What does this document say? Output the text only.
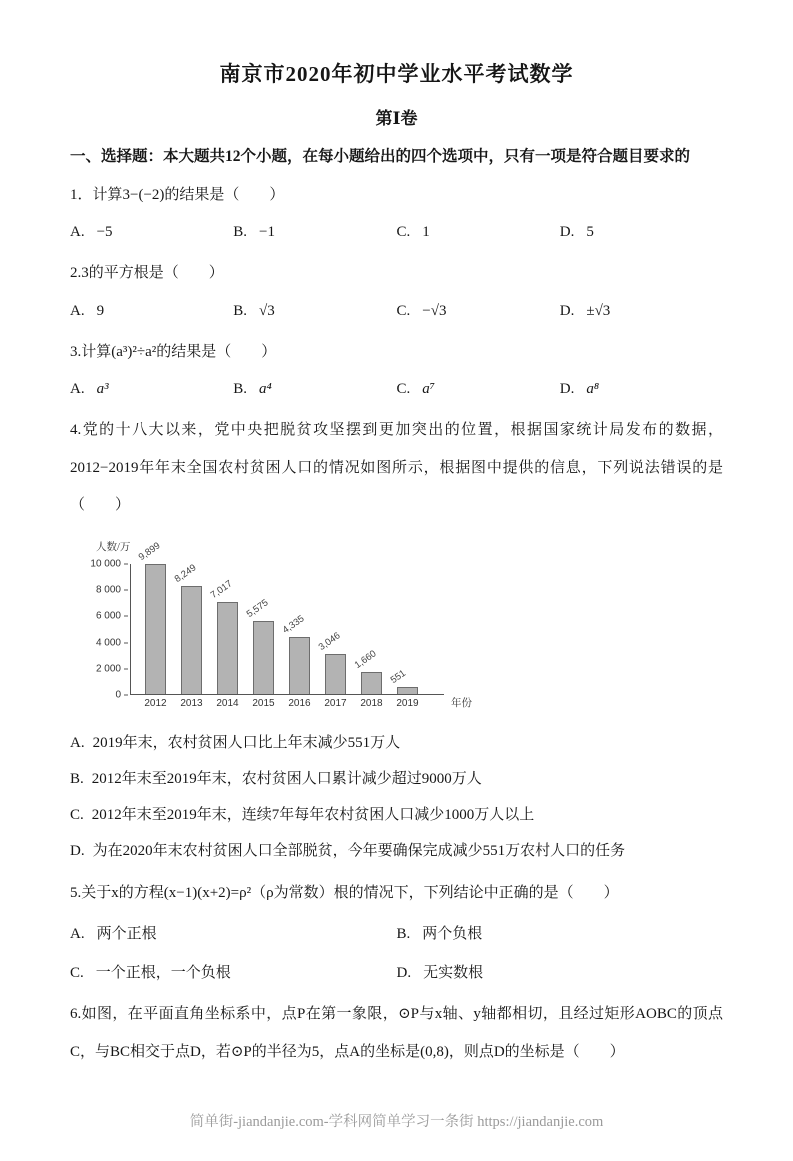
南京市2020年初中学业水平考试数学
第Ⅰ卷
一、选择题：本大题共12个小题，在每小题给出的四个选项中，只有一项是符合题目要求的

1．计算3−(−2)的结果是（　　）

A. −5	B. −1	C. 1	D. 5

2.3的平方根是（　　）

A. 9	B. √3	C. −√3	D. ±√3

3.计算(a³)²÷a²的结果是（　　）

A. a³	B. a⁴	C. a⁷	D. a⁸

4.党的十八大以来，党中央把脱贫攻坚摆到更加突出的位置，根据国家统计局发布的数据，2012−2019年年末全国农村贫困人口的情况如图所示，根据图中提供的信息，下列说法错误的是（　　）

人数/万
0
2 000
4 000
6 000
8 000
10 000
9,899
2012
8,249
2013
7,017
2014
5,575
2015
4,335
2016
3,046
2017
1,660
2018
551
2019	年份
A. 2019年末，农村贫困人口比上年末减少551万人
B. 2012年末至2019年末，农村贫困人口累计减少超过9000万人
C. 2012年末至2019年末，连续7年每年农村贫困人口减少1000万人以上
D. 为在2020年末农村贫困人口全部脱贫，今年要确保完成减少551万农村人口的任务

5.关于x的方程(x−1)(x+2)=ρ²（ρ为常数）根的情况下，下列结论中正确的是（　　）

A. 两个正根	B. 两个负根
C. 一个正根，一个负根	D. 无实数根

6.如图，在平面直角坐标系中，点P在第一象限，⊙P与x轴、y轴都相切，且经过矩形AOBC的顶点C，与BC相交于点D，若⊙P的半径为5，点A的坐标是(0,8)，则点D的坐标是（　　）

简单街-jiandanjie.com-学科网简单学习一条街 https://jiandanjie.com
